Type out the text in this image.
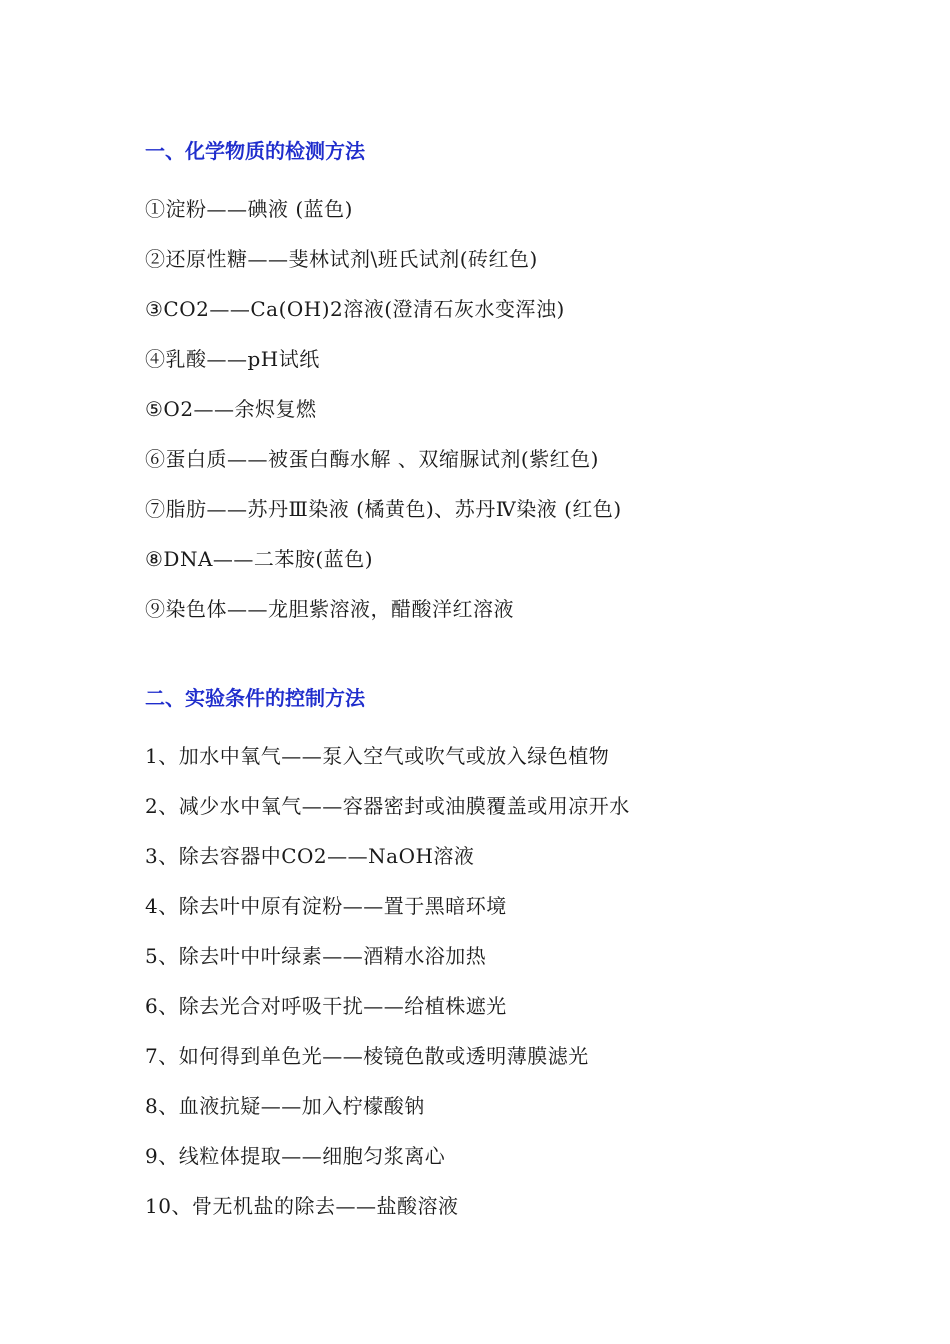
一、化学物质的检测方法

①淀粉——碘液 (蓝色)

②还原性糖——斐林试剂\班氏试剂(砖红色)

③CO2——Ca(OH)2溶液(澄清石灰水变浑浊)

④乳酸——pH试纸

⑤O2——余烬复燃

⑥蛋白质——被蛋白酶水解 、双缩脲试剂(紫红色)

⑦脂肪——苏丹Ⅲ染液 (橘黄色)、苏丹Ⅳ染液 (红色)

⑧DNA——二苯胺(蓝色)

⑨染色体——龙胆紫溶液，醋酸洋红溶液

二、实验条件的控制方法

1、加水中氧气——泵入空气或吹气或放入绿色植物

2、减少水中氧气——容器密封或油膜覆盖或用凉开水

3、除去容器中CO2——NaOH溶液

4、除去叶中原有淀粉——置于黑暗环境

5、除去叶中叶绿素——酒精水浴加热

6、除去光合对呼吸干扰——给植株遮光

7、如何得到单色光——棱镜色散或透明薄膜滤光

8、血液抗疑——加入柠檬酸钠

9、线粒体提取——细胞匀浆离心

10、骨无机盐的除去——盐酸溶液
